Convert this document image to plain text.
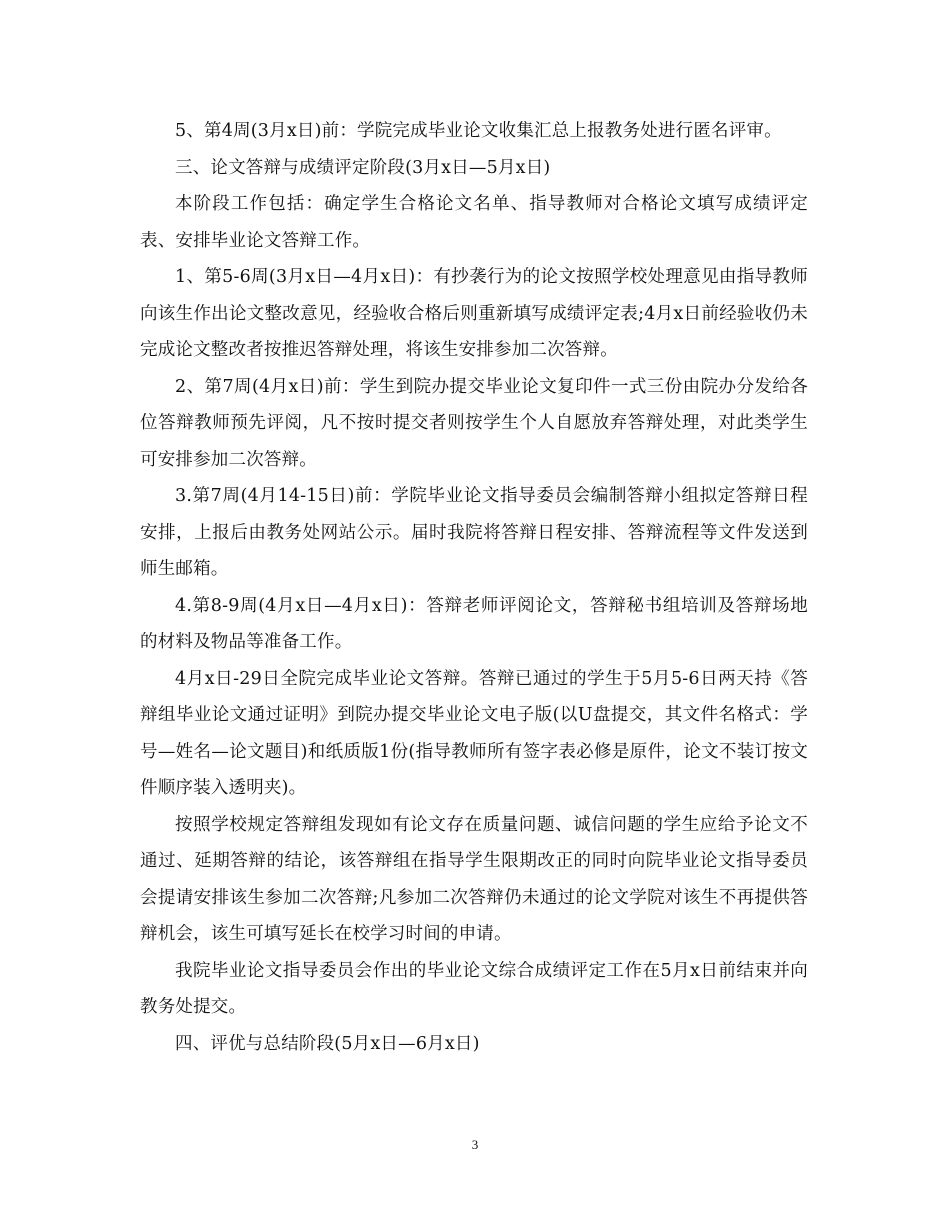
5、第4周(3月x日)前：学院完成毕业论文收集汇总上报教务处进行匿名评审。

三、论文答辩与成绩评定阶段(3月x日—5月x日)

本阶段工作包括：确定学生合格论文名单、指导教师对合格论文填写成绩评定表、安排毕业论文答辩工作。

1、第5-6周(3月x日—4月x日)：有抄袭行为的论文按照学校处理意见由指导教师向该生作出论文整改意见，经验收合格后则重新填写成绩评定表;4月x日前经验收仍未完成论文整改者按推迟答辩处理，将该生安排参加二次答辩。

2、第7周(4月x日)前：学生到院办提交毕业论文复印件一式三份由院办分发给各位答辩教师预先评阅，凡不按时提交者则按学生个人自愿放弃答辩处理，对此类学生可安排参加二次答辩。

3.第7周(4月14-15日)前：学院毕业论文指导委员会编制答辩小组拟定答辩日程安排，上报后由教务处网站公示。届时我院将答辩日程安排、答辩流程等文件发送到师生邮箱。

4.第8-9周(4月x日—4月x日)：答辩老师评阅论文，答辩秘书组培训及答辩场地的材料及物品等准备工作。

4月x日-29日全院完成毕业论文答辩。答辩已通过的学生于5月5-6日两天持《答辩组毕业论文通过证明》到院办提交毕业论文电子版(以U盘提交，其文件名格式：学号—姓名—论文题目)和纸质版1份(指导教师所有签字表必修是原件，论文不装订按文件顺序装入透明夹)。

按照学校规定答辩组发现如有论文存在质量问题、诚信问题的学生应给予论文不通过、延期答辩的结论，该答辩组在指导学生限期改正的同时向院毕业论文指导委员会提请安排该生参加二次答辩;凡参加二次答辩仍未通过的论文学院对该生不再提供答辩机会，该生可填写延长在校学习时间的申请。

我院毕业论文指导委员会作出的毕业论文综合成绩评定工作在5月x日前结束并向教务处提交。

四、评优与总结阶段(5月x日—6月x日)

3
